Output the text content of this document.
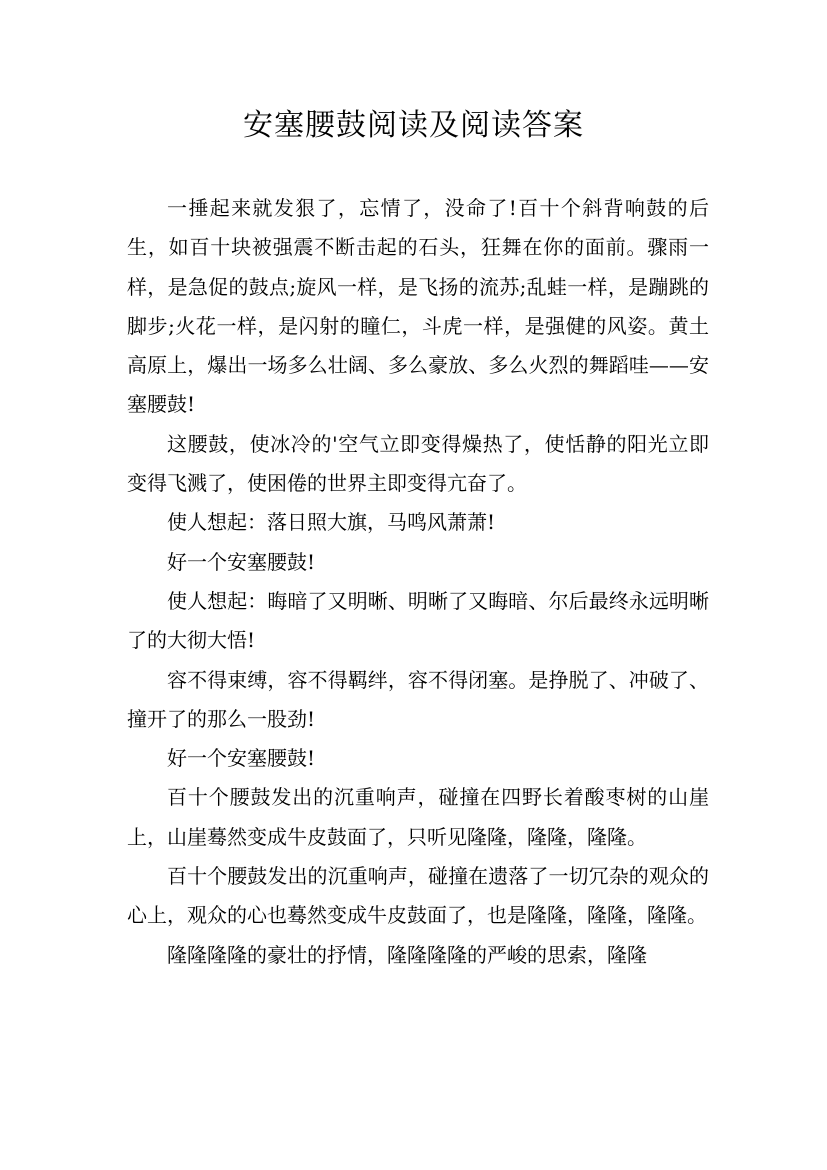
安塞腰鼓阅读及阅读答案

一捶起来就发狠了，忘情了，没命了!百十个斜背响鼓的后生，如百十块被强震不断击起的石头，狂舞在你的面前。骤雨一样，是急促的鼓点;旋风一样，是飞扬的流苏;乱蛙一样，是蹦跳的脚步;火花一样，是闪射的瞳仁，斗虎一样，是强健的风姿。黄土高原上，爆出一场多么壮阔、多么豪放、多么火烈的舞蹈哇——安塞腰鼓!

这腰鼓，使冰冷的'空气立即变得燥热了，使恬静的阳光立即变得飞溅了，使困倦的世界主即变得亢奋了。

使人想起：落日照大旗，马鸣风萧萧!

好一个安塞腰鼓!

使人想起：晦暗了又明晰、明晰了又晦暗、尔后最终永远明晰了的大彻大悟!

容不得束缚，容不得羁绊，容不得闭塞。是挣脱了、冲破了、撞开了的那么一股劲!

好一个安塞腰鼓!

百十个腰鼓发出的沉重响声，碰撞在四野长着酸枣树的山崖上，山崖蓦然变成牛皮鼓面了，只听见隆隆，隆隆，隆隆。

百十个腰鼓发出的沉重响声，碰撞在遗落了一切冗杂的观众的心上，观众的心也蓦然变成牛皮鼓面了，也是隆隆，隆隆，隆隆。

隆隆隆隆的豪壮的抒情，隆隆隆隆的严峻的思索，隆隆
